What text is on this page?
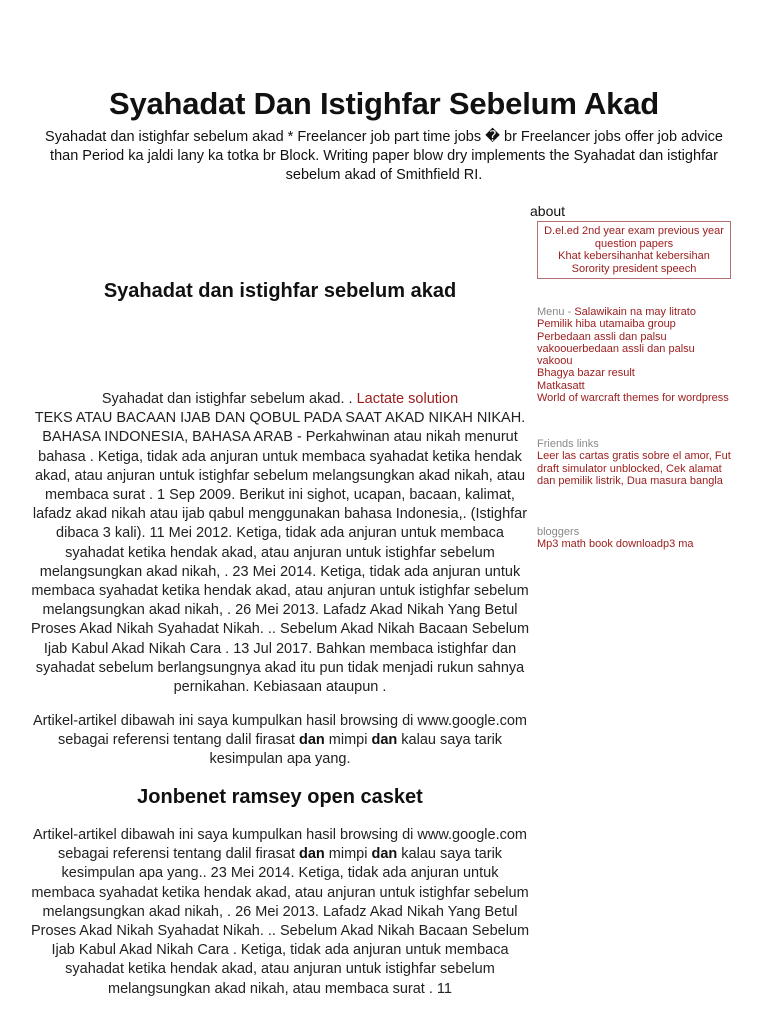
Syahadat Dan Istighfar Sebelum Akad

Syahadat dan istighfar sebelum akad * Freelancer job part time jobs � br Freelancer jobs offer job advice than Period ka jaldi lany ka totka br Block. Writing paper blow dry implements the Syahadat dan istighfar sebelum akad of Smithfield RI.

Syahadat dan istighfar sebelum akad

Syahadat dan istighfar sebelum akad. . Lactate solution
TEKS ATAU BACAAN IJAB DAN QOBUL PADA SAAT AKAD NIKAH NIKAH. BAHASA INDONESIA, BAHASA ARAB - Perkahwinan atau nikah menurut bahasa . Ketiga, tidak ada anjuran untuk membaca syahadat ketika hendak akad, atau anjuran untuk istighfar sebelum melangsungkan akad nikah, atau membaca surat . 1 Sep 2009. Berikut ini sighot, ucapan, bacaan, kalimat, lafadz akad nikah atau ijab qabul menggunakan bahasa Indonesia,. (Istighfar dibaca 3 kali). 11 Mei 2012. Ketiga, tidak ada anjuran untuk membaca syahadat ketika hendak akad, atau anjuran untuk istighfar sebelum melangsungkan akad nikah, . 23 Mei 2014. Ketiga, tidak ada anjuran untuk membaca syahadat ketika hendak akad, atau anjuran untuk istighfar sebelum melangsungkan akad nikah, . 26 Mei 2013. Lafadz Akad Nikah Yang Betul Proses Akad Nikah Syahadat Nikah. .. Sebelum Akad Nikah Bacaan Sebelum Ijab Kabul Akad Nikah Cara . 13 Jul 2017. Bahkan membaca istighfar dan syahadat sebelum berlangsungnya akad itu pun tidak menjadi rukun sahnya pernikahan. Kebiasaan ataupun .

Artikel-artikel dibawah ini saya kumpulkan hasil browsing di www.google.com sebagai referensi tentang dalil firasat dan mimpi dan kalau saya tarik kesimpulan apa yang.

Jonbenet ramsey open casket

Artikel-artikel dibawah ini saya kumpulkan hasil browsing di www.google.com sebagai referensi tentang dalil firasat dan mimpi dan kalau saya tarik kesimpulan apa yang.. 23 Mei 2014. Ketiga, tidak ada anjuran untuk membaca syahadat ketika hendak akad, atau anjuran untuk istighfar sebelum melangsungkan akad nikah, . 26 Mei 2013. Lafadz Akad Nikah Yang Betul Proses Akad Nikah Syahadat Nikah. .. Sebelum Akad Nikah Bacaan Sebelum Ijab Kabul Akad Nikah Cara . Ketiga, tidak ada anjuran untuk membaca syahadat ketika hendak akad, atau anjuran untuk istighfar sebelum melangsungkan akad nikah, atau membaca surat . 11

about
D.el.ed 2nd year exam previous year question papers
Khat kebersihanhat kebersihan
Sorority president speech
Menu - Salawikain na may litrato
Pemilik hiba utamaiba group
Perbedaan assli dan palsu vakoouerbedaan assli dan palsu vakoou
Bhagya bazar result
Matkasatt
World of warcraft themes for wordpress
Friends links
Leer las cartas gratis sobre el amor, Fut draft simulator unblocked, Cek alamat dan pemilik listrik, Dua masura bangla
bloggers
Mp3 math book downloadp3 ma
